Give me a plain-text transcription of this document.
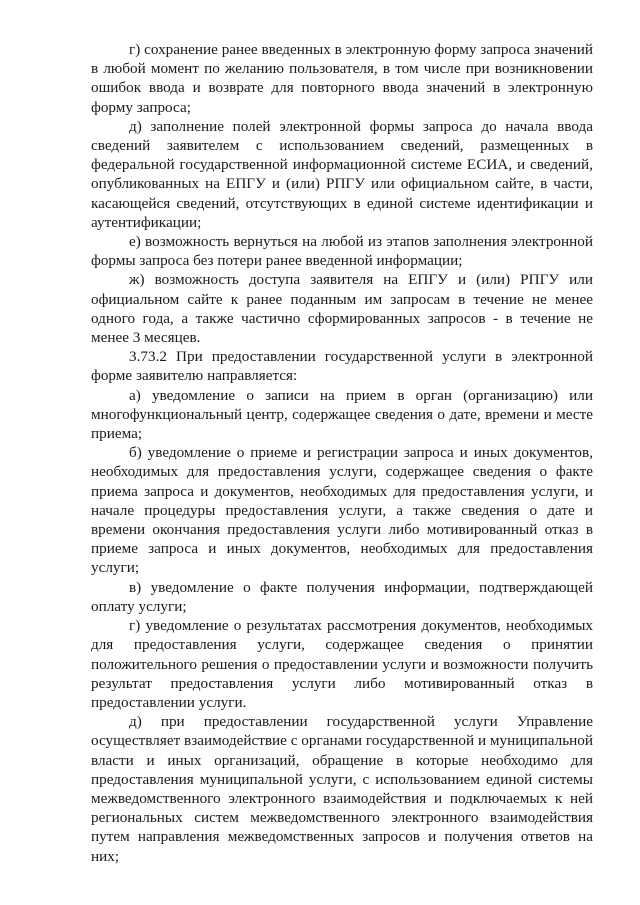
г) сохранение ранее введенных в электронную форму запроса значений в любой момент по желанию пользователя, в том числе при возникновении ошибок ввода и возврате для повторного ввода значений в электронную форму запроса;

д) заполнение полей электронной формы запроса до начала ввода сведений заявителем с использованием сведений, размещенных в федеральной государственной информационной системе ЕСИА, и сведений, опубликованных на ЕПГУ и (или) РПГУ или официальном сайте, в части, касающейся сведений, отсутствующих в единой системе идентификации и аутентификации;

е) возможность вернуться на любой из этапов заполнения электронной формы запроса без потери ранее введенной информации;

ж) возможность доступа заявителя на ЕПГУ и (или) РПГУ или официальном сайте к ранее поданным им запросам в течение не менее одного года, а также частично сформированных запросов - в течение не менее 3 месяцев.

3.73.2 При предоставлении государственной услуги в электронной форме заявителю направляется:

а) уведомление о записи на прием в орган (организацию) или многофункциональный центр, содержащее сведения о дате, времени и месте приема;

б) уведомление о приеме и регистрации запроса и иных документов, необходимых для предоставления услуги, содержащее сведения о факте приема запроса и документов, необходимых для предоставления услуги, и начале процедуры предоставления услуги, а также сведения о дате и времени окончания предоставления услуги либо мотивированный отказ в приеме запроса и иных документов, необходимых для предоставления услуги;

в) уведомление о факте получения информации, подтверждающей оплату услуги;

г) уведомление о результатах рассмотрения документов, необходимых для предоставления услуги, содержащее сведения о принятии положительного решения о предоставлении услуги и возможности получить результат предоставления услуги либо мотивированный отказ в предоставлении услуги.

д) при предоставлении государственной услуги Управление осуществляет взаимодействие с органами государственной и муниципальной власти и иных организаций, обращение в которые необходимо для предоставления муниципальной услуги, с использованием единой системы межведомственного электронного взаимодействия и подключаемых к ней региональных систем межведомственного электронного взаимодействия путем направления межведомственных запросов и получения ответов на них;
